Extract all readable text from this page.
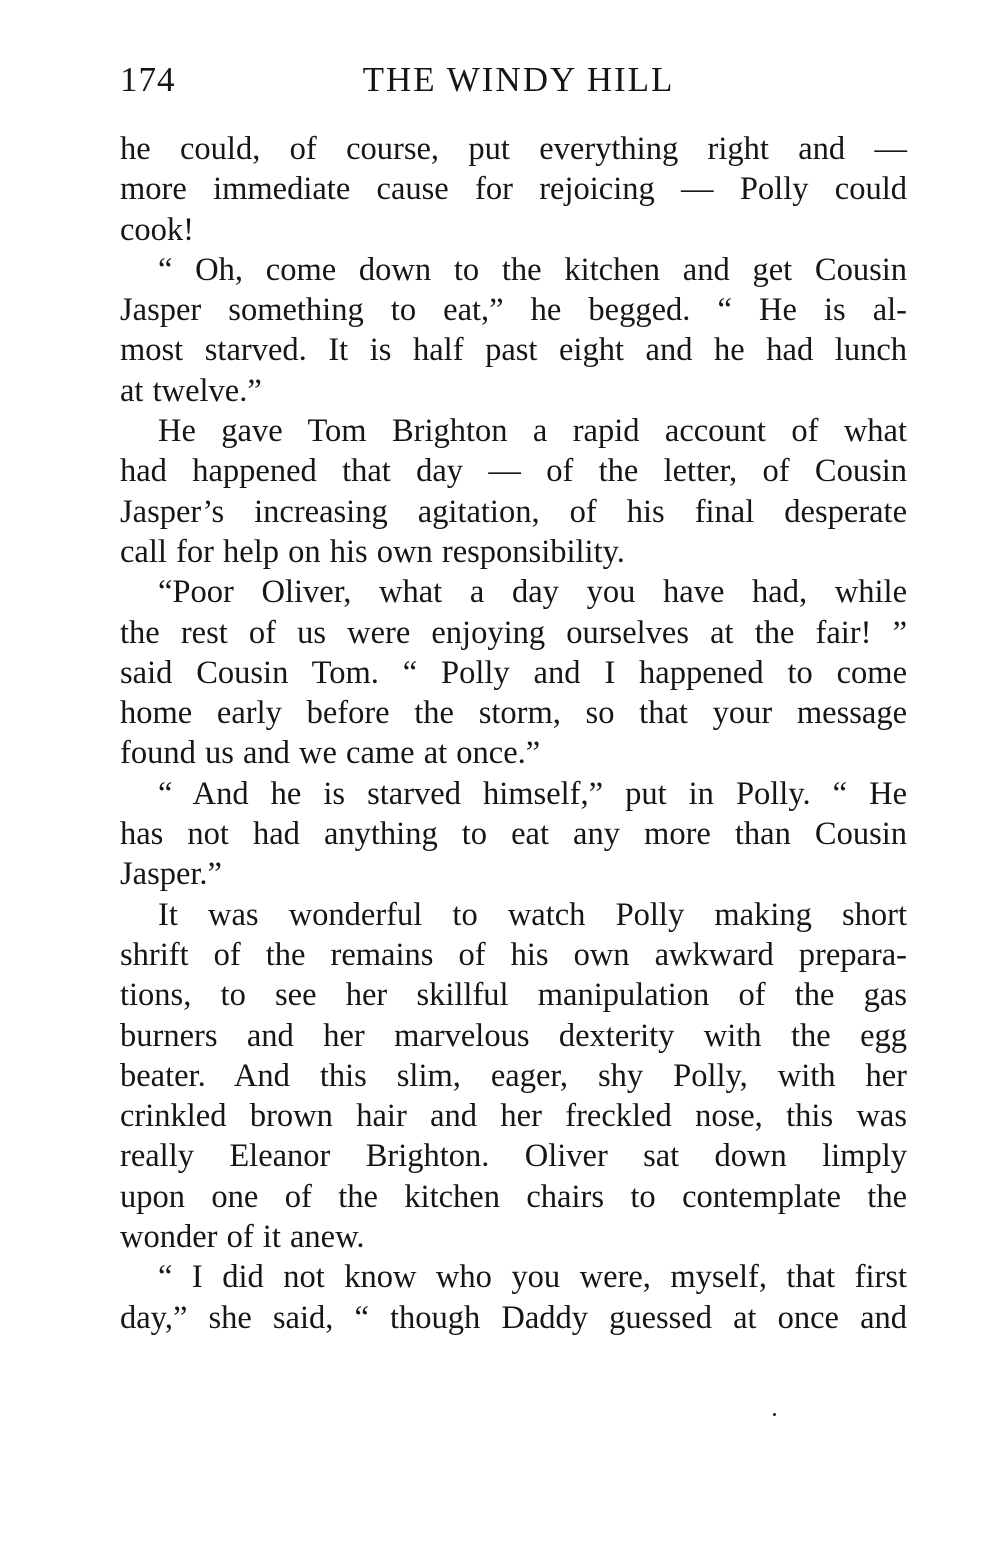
174	THE WINDY HILL
he could, of course, put everything right and —
more immediate cause for rejoicing — Polly could
cook!
“ Oh, come down to the kitchen and get Cousin
Jasper something to eat,” he begged. “ He is al-
most starved. It is half past eight and he had lunch
at twelve.”
He gave Tom Brighton a rapid account of what
had happened that day — of the letter, of Cousin
Jasper’s increasing agitation, of his final desperate
call for help on his own responsibility.
“Poor Oliver, what a day you have had, while
the rest of us were enjoying ourselves at the fair! ”
said Cousin Tom. “ Polly and I happened to come
home early before the storm, so that your message
found us and we came at once.”
“ And he is starved himself,” put in Polly. “ He
has not had anything to eat any more than Cousin
Jasper.”
It was wonderful to watch Polly making short
shrift of the remains of his own awkward prepara-
tions, to see her skillful manipulation of the gas
burners and her marvelous dexterity with the egg
beater. And this slim, eager, shy Polly, with her
crinkled brown hair and her freckled nose, this was
really Eleanor Brighton. Oliver sat down limply
upon one of the kitchen chairs to contemplate the
wonder of it anew.
“ I did not know who you were, myself, that first
day,” she said, “ though Daddy guessed at once and
